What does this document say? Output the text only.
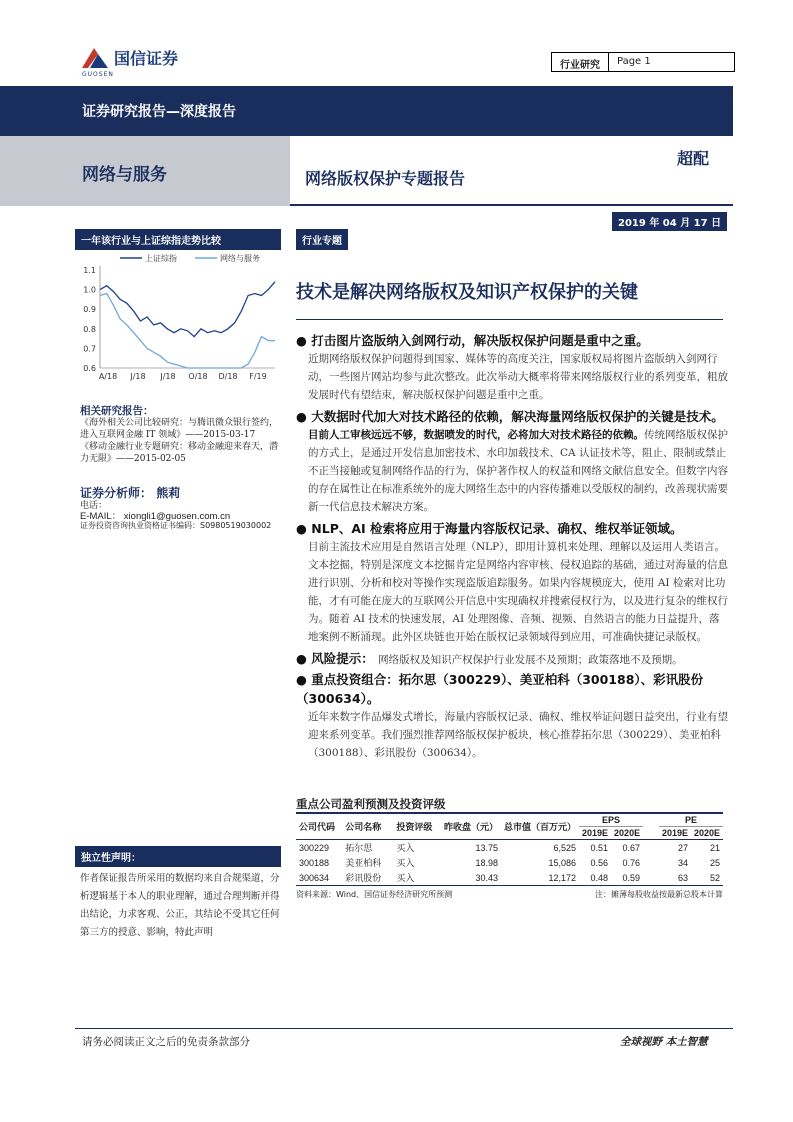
国信证券
GUOSEN
行业研究	Page 1
证券研究报告—深度报告
网络与服务	网络版权保护专题报告
超配
2019 年 04 月 17 日
一年该行业与上证综指走势比较
上证综指	网络与服务
1.1
1.0
0.9
0.8
0.7
0.6
A/18 J/18 J/18 O/18 D/18 F/19
相关研究报告：
《海外相关公司比较研究：与腾讯微众银行签约，进入互联网金融 IT 领域》——2015-03-17
《移动金融行业专题研究：移动金融迎来春天，潜力无限》——2015-02-05
证券分析师： 熊莉
电话：
E-MAIL： xiongli1@guosen.com.cn
证券投资咨询执业资格证书编码：S0980519030002
独立性声明：
作者保证报告所采用的数据均来自合规渠道，分析逻辑基于本人的职业理解，通过合理判断并得出结论，力求客观、公正，其结论不受其它任何第三方的授意、影响，特此声明
行业专题
技术是解决网络版权及知识产权保护的关键
● 打击图片盗版纳入剑网行动，解决版权保护问题是重中之重。
近期网络版权保护问题得到国家、媒体等的高度关注，国家版权局将图片盗版纳入剑网行动，一些图片网站均参与此次整改。此次举动大概率将带来网络版权行业的系列变革，粗放发展时代有望结束，解决版权保护问题是重中之重。
● 大数据时代加大对技术路径的依赖，解决海量网络版权保护的关键是技术。
目前人工审核远远不够，数据喷发的时代，必将加大对技术路径的依赖。传统网络版权保护的方式上，是通过开发信息加密技术、水印加载技术、CA 认证技术等，阻止、限制或禁止不正当接触或复制网络作品的行为，保护著作权人的权益和网络文献信息安全。但数字内容的存在属性让在标准系统外的庞大网络生态中的内容传播难以受版权的制约，改善现状需要新一代信息技术解决方案。
● NLP、AI 检索将应用于海量内容版权记录、确权、维权举证领域。
目前主流技术应用是自然语言处理（NLP），即用计算机来处理、理解以及运用人类语言。文本挖掘，特别是深度文本挖掘肯定是网络内容审核、侵权追踪的基础，通过对海量的信息进行识别、分析和校对等操作实现盗版追踪服务。如果内容规模庞大，使用 AI 检索对比功能，才有可能在庞大的互联网公开信息中实现确权并搜索侵权行为，以及进行复杂的维权行为。随着 AI 技术的快速发展，AI 处理图像、音频、视频、自然语言的能力日益提升，落地案例不断涌现。此外区块链也开始在版权记录领域得到应用，可准确快捷记录版权。
● 风险提示： 网络版权及知识产权保护行业发展不及预期；政策落地不及预期。
● 重点投资组合：拓尔思（300229）、美亚柏科（300188）、彩讯股份（300634）。
近年来数字作品爆发式增长，海量内容版权记录、确权、维权举证问题日益突出，行业有望迎来系列变革。我们强烈推荐网络版权保护板块，核心推荐拓尔思（300229）、美亚柏科（300188）、彩讯股份（300634）。
重点公司盈利预测及投资评级
公司代码	公司名称	投资评级	昨收盘（元）	总市值（百万元）	EPS			PE	
					2019E	2020E		2019E	2020E
300229	拓尔思	买入	13.75	6,525	0.51	0.67		27	21
300188	美亚柏科	买入	18.98	15,086	0.56	0.76		34	25
300634	彩讯股份	买入	30.43	12,172	0.48	0.59		63	52
资料来源：Wind、国信证券经济研究所预测	注：摊薄每股收益按最新总股本计算
请务必阅读正文之后的免责条款部分	全球视野 本土智慧
